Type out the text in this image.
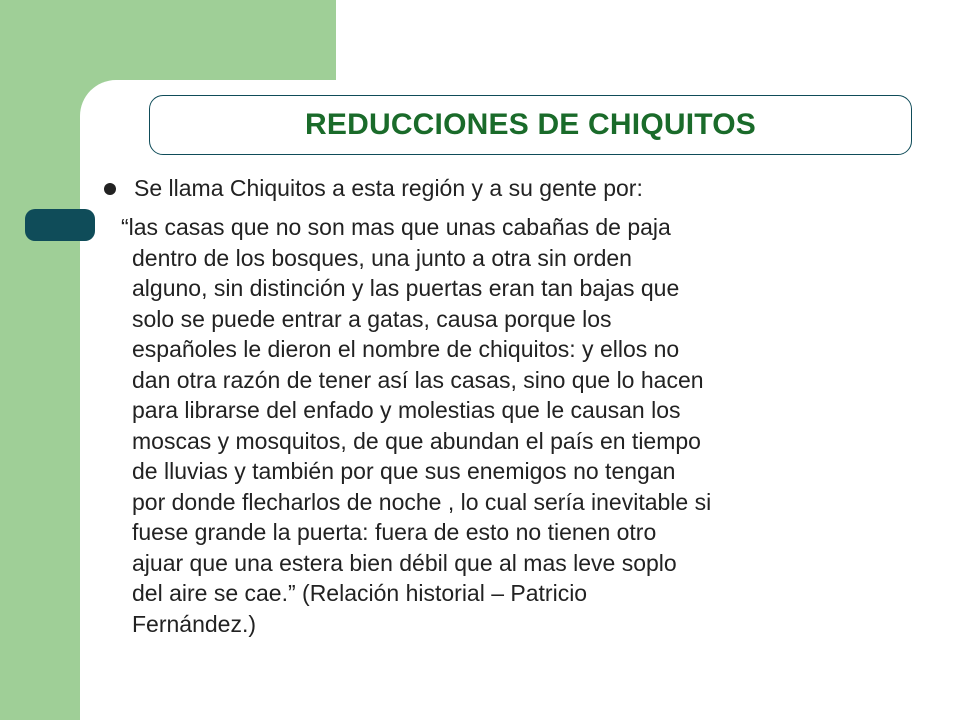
REDUCCIONES DE CHIQUITOS
Se llama Chiquitos a esta región y a su gente por:
“las casas que no son mas que unas cabañas de paja
dentro de los bosques, una junto a otra sin orden
alguno, sin distinción y las puertas eran tan bajas que
solo se puede entrar a gatas, causa porque los
españoles le dieron el nombre de chiquitos: y ellos no
dan otra razón de tener así las casas, sino que lo hacen
para librarse del enfado y molestias que le causan los
moscas y mosquitos, de que abundan el país en tiempo
de lluvias y también por que sus enemigos no tengan
por donde flecharlos de noche , lo cual sería inevitable si
fuese grande la puerta: fuera de esto no tienen otro
ajuar que una estera bien débil que al mas leve soplo
del aire se cae.” (Relación historial – Patricio
Fernández.)
